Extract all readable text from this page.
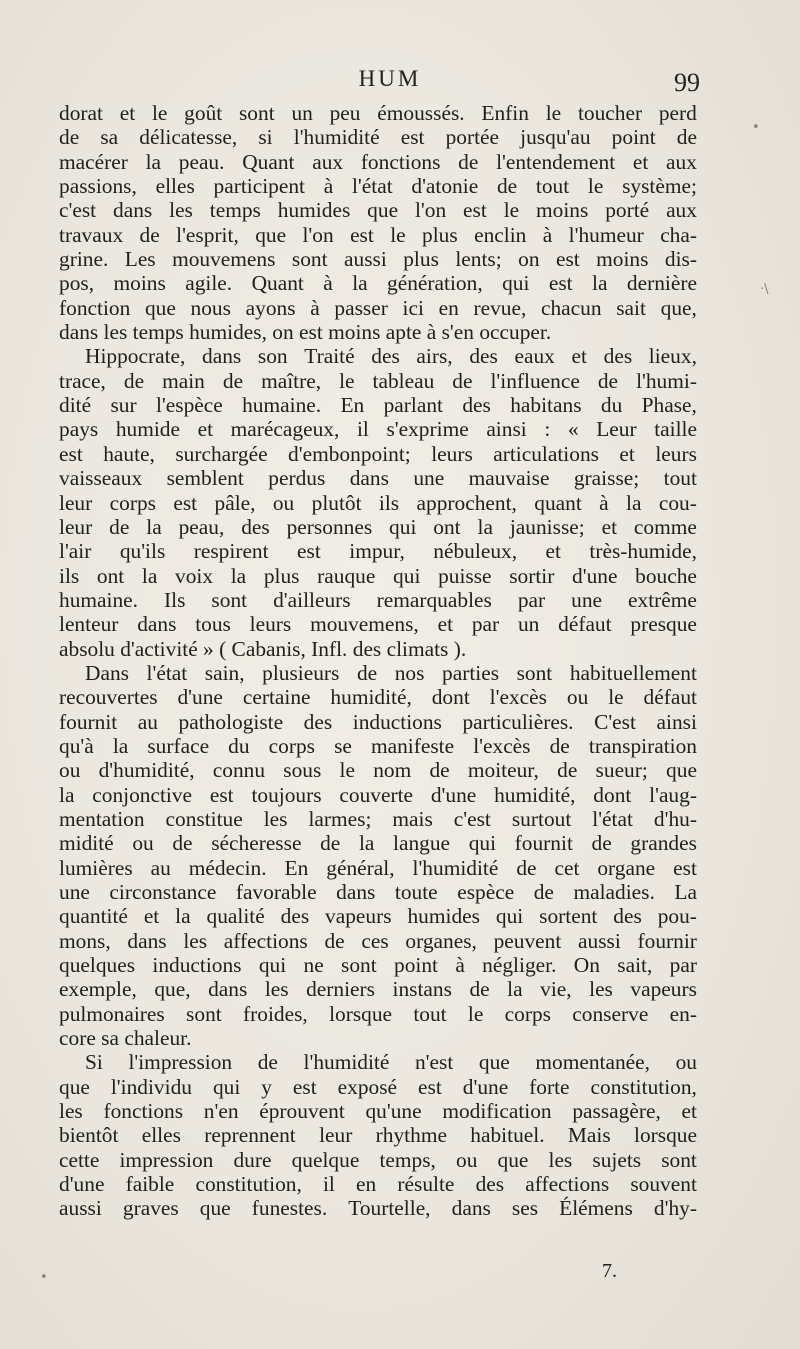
HUM	99
dorat et le goût sont un peu émoussés. Enfin le toucher perd
de sa délicatesse, si l'humidité est portée jusqu'au point de
macérer la peau. Quant aux fonctions de l'entendement et aux
passions, elles participent à l'état d'atonie de tout le système;
c'est dans les temps humides que l'on est le moins porté aux
travaux de l'esprit, que l'on est le plus enclin à l'humeur cha-
grine. Les mouvemens sont aussi plus lents; on est moins dis-
pos, moins agile. Quant à la génération, qui est la dernière
fonction que nous ayons à passer ici en revue, chacun sait que,
dans les temps humides, on est moins apte à s'en occuper.
Hippocrate, dans son Traité des airs, des eaux et des lieux,
trace, de main de maître, le tableau de l'influence de l'humi-
dité sur l'espèce humaine. En parlant des habitans du Phase,
pays humide et marécageux, il s'exprime ainsi : « Leur taille
est haute, surchargée d'embonpoint; leurs articulations et leurs
vaisseaux semblent perdus dans une mauvaise graisse; tout
leur corps est pâle, ou plutôt ils approchent, quant à la cou-
leur de la peau, des personnes qui ont la jaunisse; et comme
l'air qu'ils respirent est impur, nébuleux, et très-humide,
ils ont la voix la plus rauque qui puisse sortir d'une bouche
humaine. Ils sont d'ailleurs remarquables par une extrême
lenteur dans tous leurs mouvemens, et par un défaut presque
absolu d'activité » ( Cabanis, Infl. des climats ).
Dans l'état sain, plusieurs de nos parties sont habituellement
recouvertes d'une certaine humidité, dont l'excès ou le défaut
fournit au pathologiste des inductions particulières. C'est ainsi
qu'à la surface du corps se manifeste l'excès de transpiration
ou d'humidité, connu sous le nom de moiteur, de sueur; que
la conjonctive est toujours couverte d'une humidité, dont l'aug-
mentation constitue les larmes; mais c'est surtout l'état d'hu-
midité ou de sécheresse de la langue qui fournit de grandes
lumières au médecin. En général, l'humidité de cet organe est
une circonstance favorable dans toute espèce de maladies. La
quantité et la qualité des vapeurs humides qui sortent des pou-
mons, dans les affections de ces organes, peuvent aussi fournir
quelques inductions qui ne sont point à négliger. On sait, par
exemple, que, dans les derniers instans de la vie, les vapeurs
pulmonaires sont froides, lorsque tout le corps conserve en-
core sa chaleur.
Si l'impression de l'humidité n'est que momentanée, ou
que l'individu qui y est exposé est d'une forte constitution,
les fonctions n'en éprouvent qu'une modification passagère, et
bientôt elles reprennent leur rhythme habituel. Mais lorsque
cette impression dure quelque temps, ou que les sujets sont
d'une faible constitution, il en résulte des affections souvent
aussi graves que funestes. Tourtelle, dans ses Élémens d'hy-
7.
•
·\
•
